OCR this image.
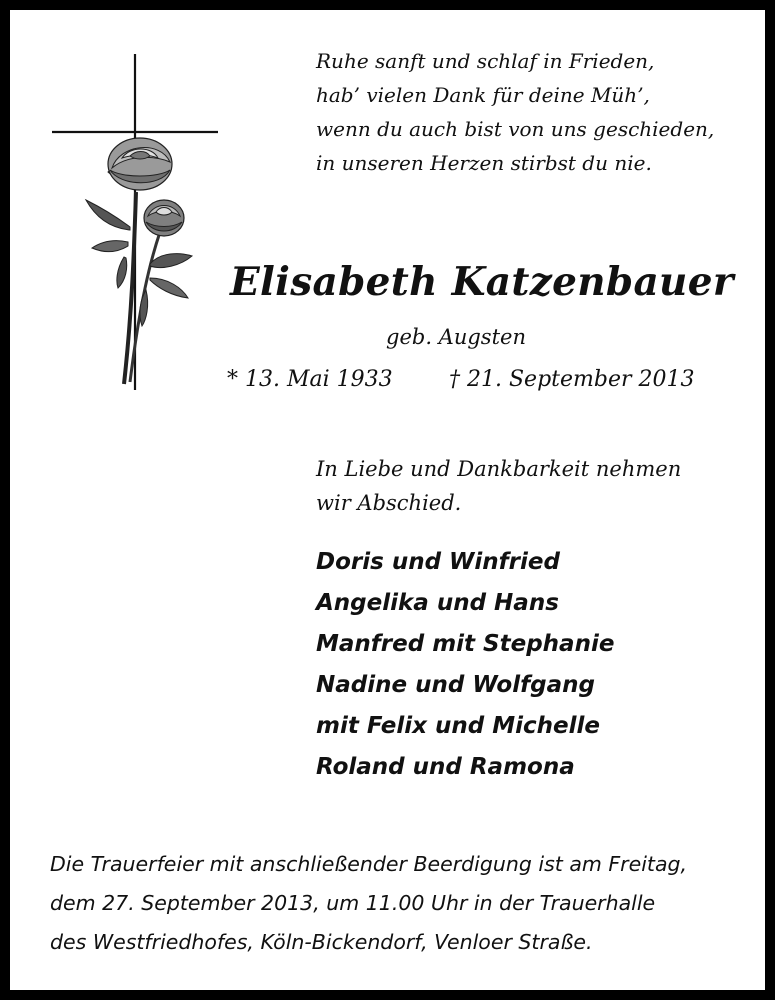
Ruhe sanft und schlaf in Frieden,
hab’ vielen Dank für deine Müh’,
wenn du auch bist von uns geschieden,
in unseren Herzen stirbst du nie.
Elisabeth Katzenbauer
geb. Augsten
* 13. Mai 1933	† 21. September 2013
In Liebe und Dankbarkeit nehmen
wir Abschied.
Doris und Winfried
Angelika und Hans
Manfred mit Stephanie
Nadine und Wolfgang
mit Felix und Michelle
Roland und Ramona
Die Trauerfeier mit anschließender Beerdigung ist am Freitag,
dem 27. September 2013, um 11.00 Uhr in der Trauerhalle
des Westfriedhofes, Köln-Bickendorf, Venloer Straße.
